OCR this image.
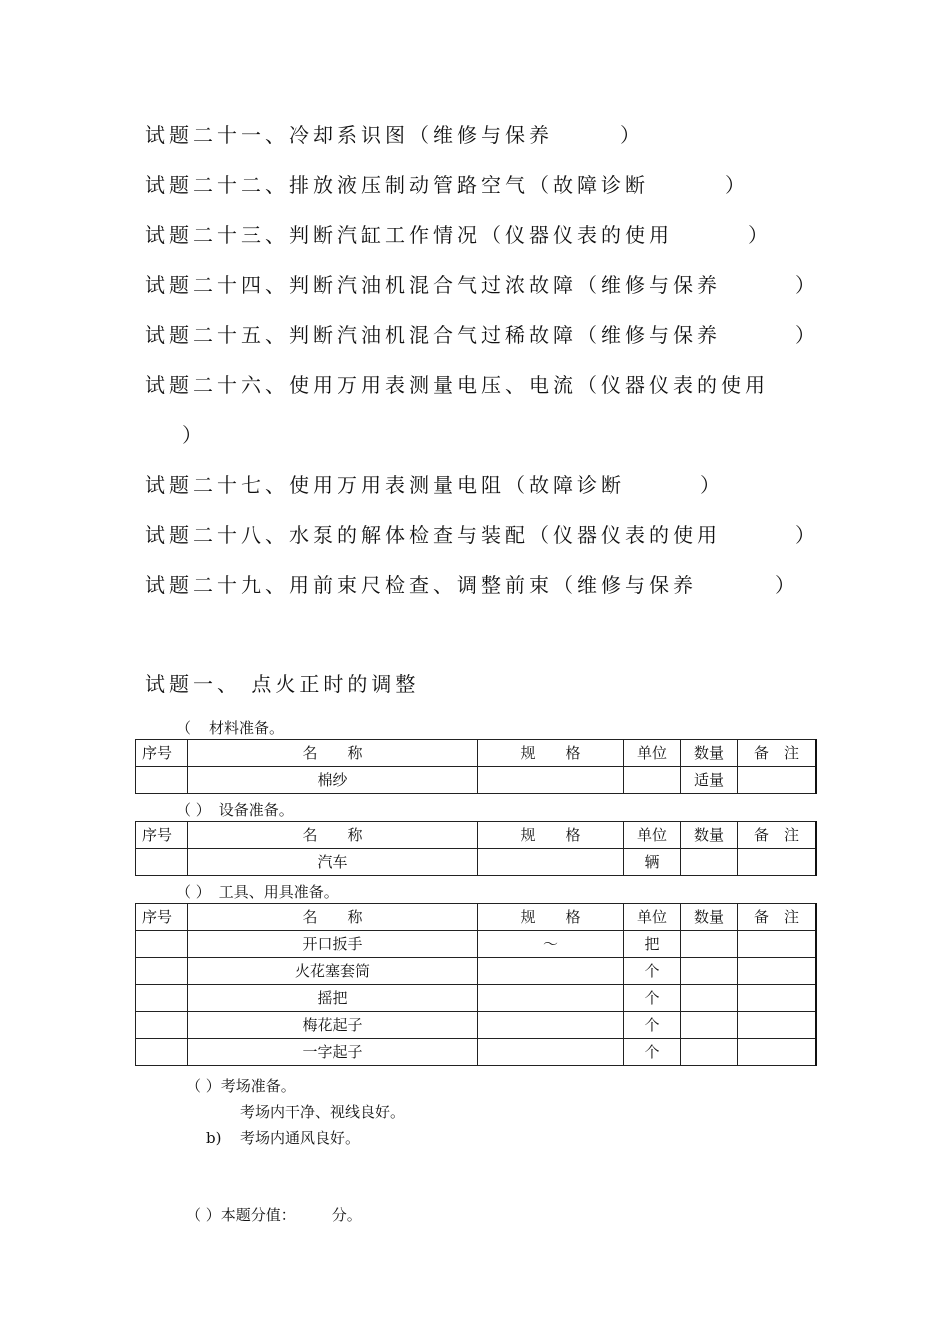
试题二十一、冷却系识图（维修与保养	）
试题二十二、排放液压制动管路空气（故障诊断	）
试题二十三、判断汽缸工作情况（仪器仪表的使用	）
试题二十四、判断汽油机混合气过浓故障（维修与保养	）
试题二十五、判断汽油机混合气过稀故障（维修与保养	）
试题二十六、使用万用表测量电压、电流（仪器仪表的使用
）
试题二十七、使用万用表测量电阻（故障诊断	）
试题二十八、水泵的解体检查与装配（仪器仪表的使用	）
试题二十九、用前束尺检查、调整前束（维修与保养	）
试题一、 点火正时的调整
（ 材料准备。
序号	名　　称	规　　格	单位	数量	备　注
	棉纱			适量	
（ ） 设备准备。
序号	名　　称	规　　格	单位	数量	备　注
	汽车		辆		
（ ） 工具、用具准备。
序号	名　　称	规　　格	单位	数量	备　注
	开口扳手	～	把		
	火花塞套筒		个		
	摇把		个		
	梅花起子		个		
	一字起子		个		
（ ）考场准备。
考场内干净、视线良好。
b) 考场内通风良好。
（ ）本题分值： 分。
